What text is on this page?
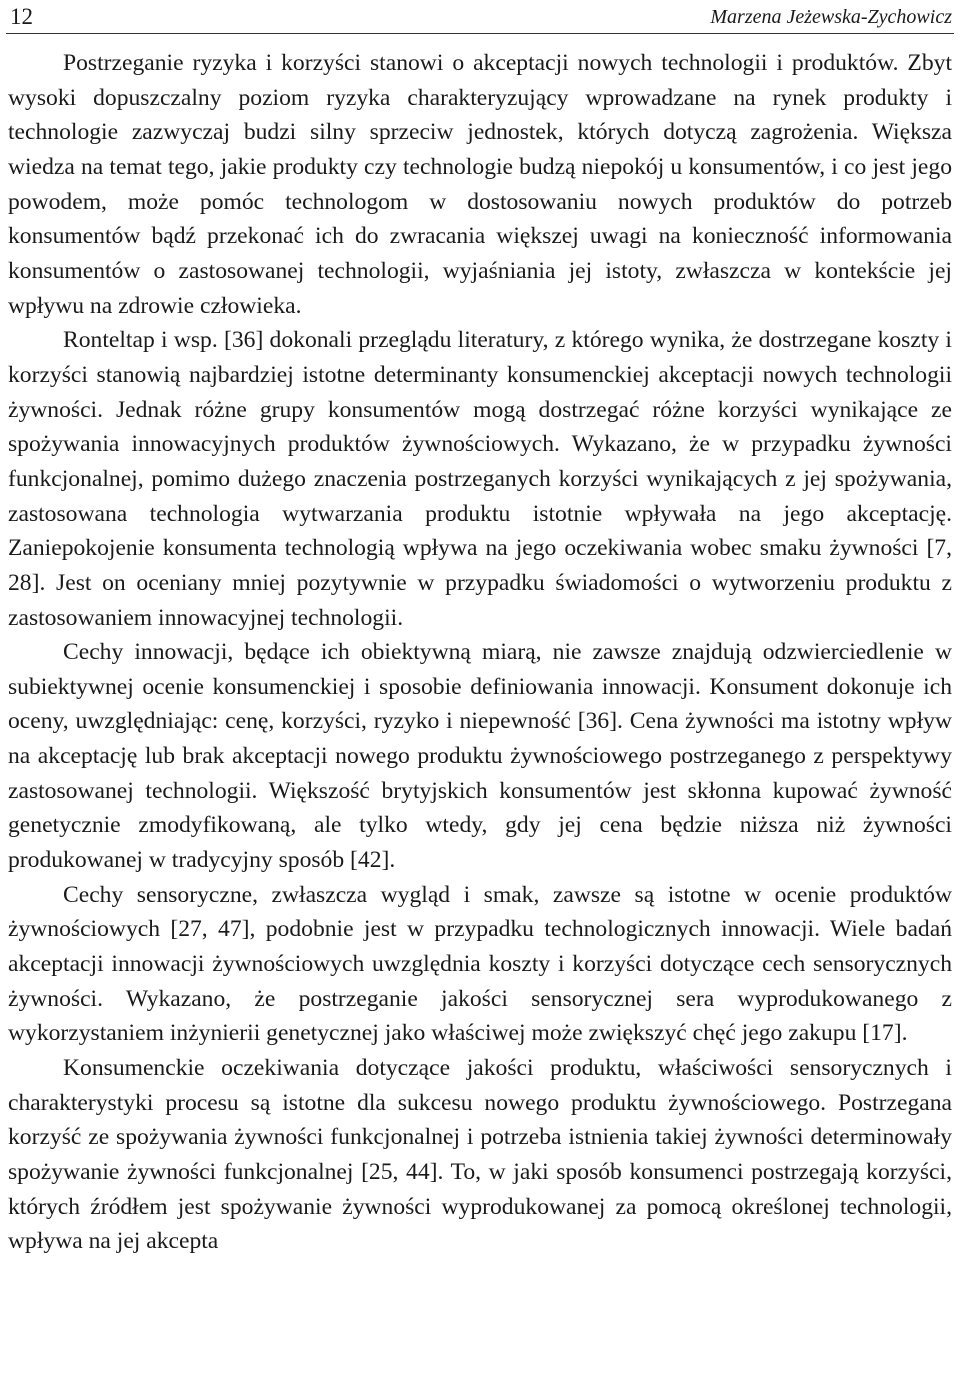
12	Marzena Jeżewska-Zychowicz

Postrzeganie ryzyka i korzyści stanowi o akceptacji nowych technologii i produktów. Zbyt wysoki dopuszczalny poziom ryzyka charakteryzujący wprowadzane na rynek produkty i technologie zazwyczaj budzi silny sprzeciw jednostek, których dotyczą zagrożenia. Większa wiedza na temat tego, jakie produkty czy technologie budzą niepokój u konsumentów, i co jest jego powodem, może pomóc technologom w dostosowaniu nowych produktów do potrzeb konsumentów bądź przekonać ich do zwracania większej uwagi na konieczność informowania konsumentów o zastosowanej technologii, wyjaśniania jej istoty, zwłaszcza w kontekście jej wpływu na zdrowie człowieka.

Ronteltap i wsp. [36] dokonali przeglądu literatury, z którego wynika, że dostrzegane koszty i korzyści stanowią najbardziej istotne determinanty konsumenckiej akceptacji nowych technologii żywności. Jednak różne grupy konsumentów mogą dostrzegać różne korzyści wynikające ze spożywania innowacyjnych produktów żywnościowych. Wykazano, że w przypadku żywności funkcjonalnej, pomimo dużego znaczenia postrzeganych korzyści wynikających z jej spożywania, zastosowana technologia wytwarzania produktu istotnie wpływała na jego akceptację. Zaniepokojenie konsumenta technologią wpływa na jego oczekiwania wobec smaku żywności [7, 28]. Jest on oceniany mniej pozytywnie w przypadku świadomości o wytworzeniu produktu z zastosowaniem innowacyjnej technologii.

Cechy innowacji, będące ich obiektywną miarą, nie zawsze znajdują odzwierciedlenie w subiektywnej ocenie konsumenckiej i sposobie definiowania innowacji. Konsument dokonuje ich oceny, uwzględniając: cenę, korzyści, ryzyko i niepewność [36]. Cena żywności ma istotny wpływ na akceptację lub brak akceptacji nowego produktu żywnościowego postrzeganego z perspektywy zastosowanej technologii. Większość brytyjskich konsumentów jest skłonna kupować żywność genetycznie zmodyfikowaną, ale tylko wtedy, gdy jej cena będzie niższa niż żywności produkowanej w tradycyjny sposób [42].

Cechy sensoryczne, zwłaszcza wygląd i smak, zawsze są istotne w ocenie produktów żywnościowych [27, 47], podobnie jest w przypadku technologicznych innowacji. Wiele badań akceptacji innowacji żywnościowych uwzględnia koszty i korzyści dotyczące cech sensorycznych żywności. Wykazano, że postrzeganie jakości sensorycznej sera wyprodukowanego z wykorzystaniem inżynierii genetycznej jako właściwej może zwiększyć chęć jego zakupu [17].

Konsumenckie oczekiwania dotyczące jakości produktu, właściwości sensorycznych i charakterystyki procesu są istotne dla sukcesu nowego produktu żywnościowego. Postrzegana korzyść ze spożywania żywności funkcjonalnej i potrzeba istnienia takiej żywności determinowały spożywanie żywności funkcjonalnej [25, 44]. To, w jaki sposób konsumenci postrzegają korzyści, których źródłem jest spożywanie żywności wyprodukowanej za pomocą określonej technologii, wpływa na jej akcepta
